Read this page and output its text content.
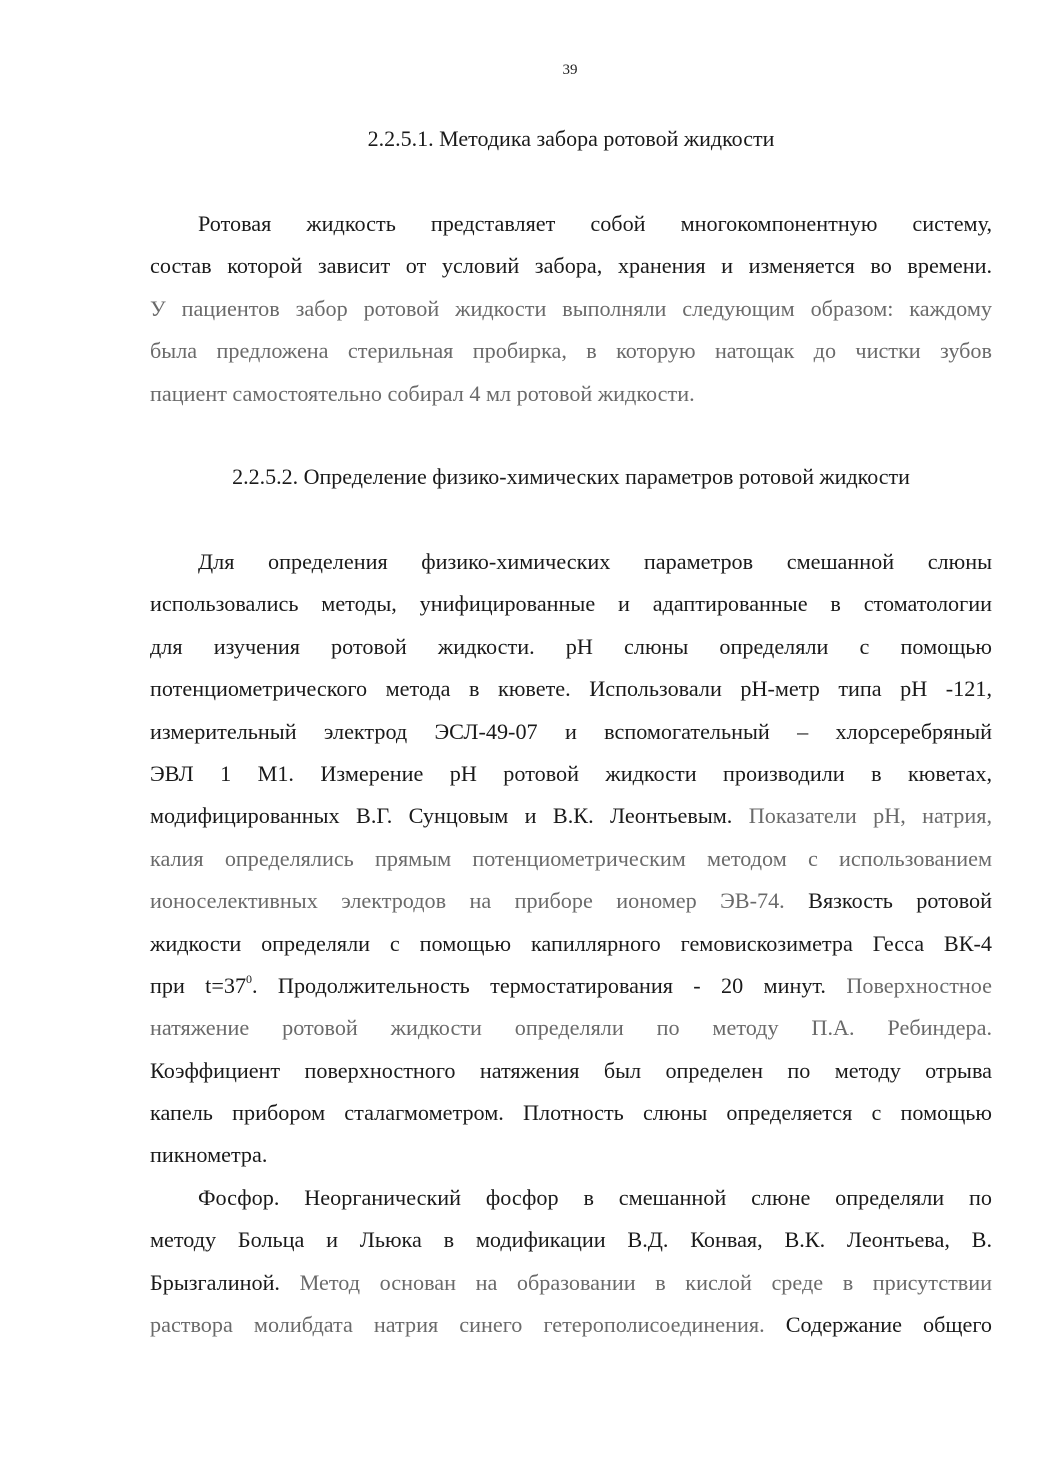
39
2.2.5.1. Методика забора ротовой жидкости
Ротовая жидкость представляет собой многокомпонентную систему,
состав которой зависит от условий забора, хранения и изменяется во времени.
У пациентов забор ротовой жидкости выполняли следующим образом: каждому
была предложена стерильная пробирка, в которую натощак до чистки зубов
пациент самостоятельно собирал 4 мл ротовой жидкости.
2.2.5.2. Определение физико-химических параметров ротовой жидкости
Для определения физико-химических параметров смешанной слюны
использовались методы, унифицированные и адаптированные в стоматологии
для изучения ротовой жидкости. pH слюны определяли с помощью
потенциометрического метода в кювете. Использовали pH-метр типа pH -121,
измерительный электрод ЭСЛ-49-07 и вспомогательный – хлорсеребряный
ЭВЛ 1 М1. Измерение pH ротовой жидкости производили в кюветах,
модифицированных В.Г. Сунцовым и В.К. Леонтьевым. Показатели pH, натрия,
калия определялись прямым потенциометрическим методом с использованием
ионоселективных электродов на приборе иономер ЭВ-74. Вязкость ротовой
жидкости определяли с помощью капиллярного гемовискозиметра Гесса ВК-4
при $t=37^0$. Продолжительность термостатирования - 20 минут. Поверхностное
натяжение ротовой жидкости определяли по методу П.А. Ребиндера.
Коэффициент поверхностного натяжения был определен по методу отрыва
капель прибором сталагмометром. Плотность слюны определяется с помощью
пикнометра.
Фосфор. Неорганический фосфор в смешанной слюне определяли по
методу Больца и Льюка в модификации В.Д. Конвая, В.К. Леонтьева, В.
Брызгалиной. Метод основан на образовании в кислой среде в присутствии
раствора молибдата натрия синего гетерополисоединения. Содержание общего
